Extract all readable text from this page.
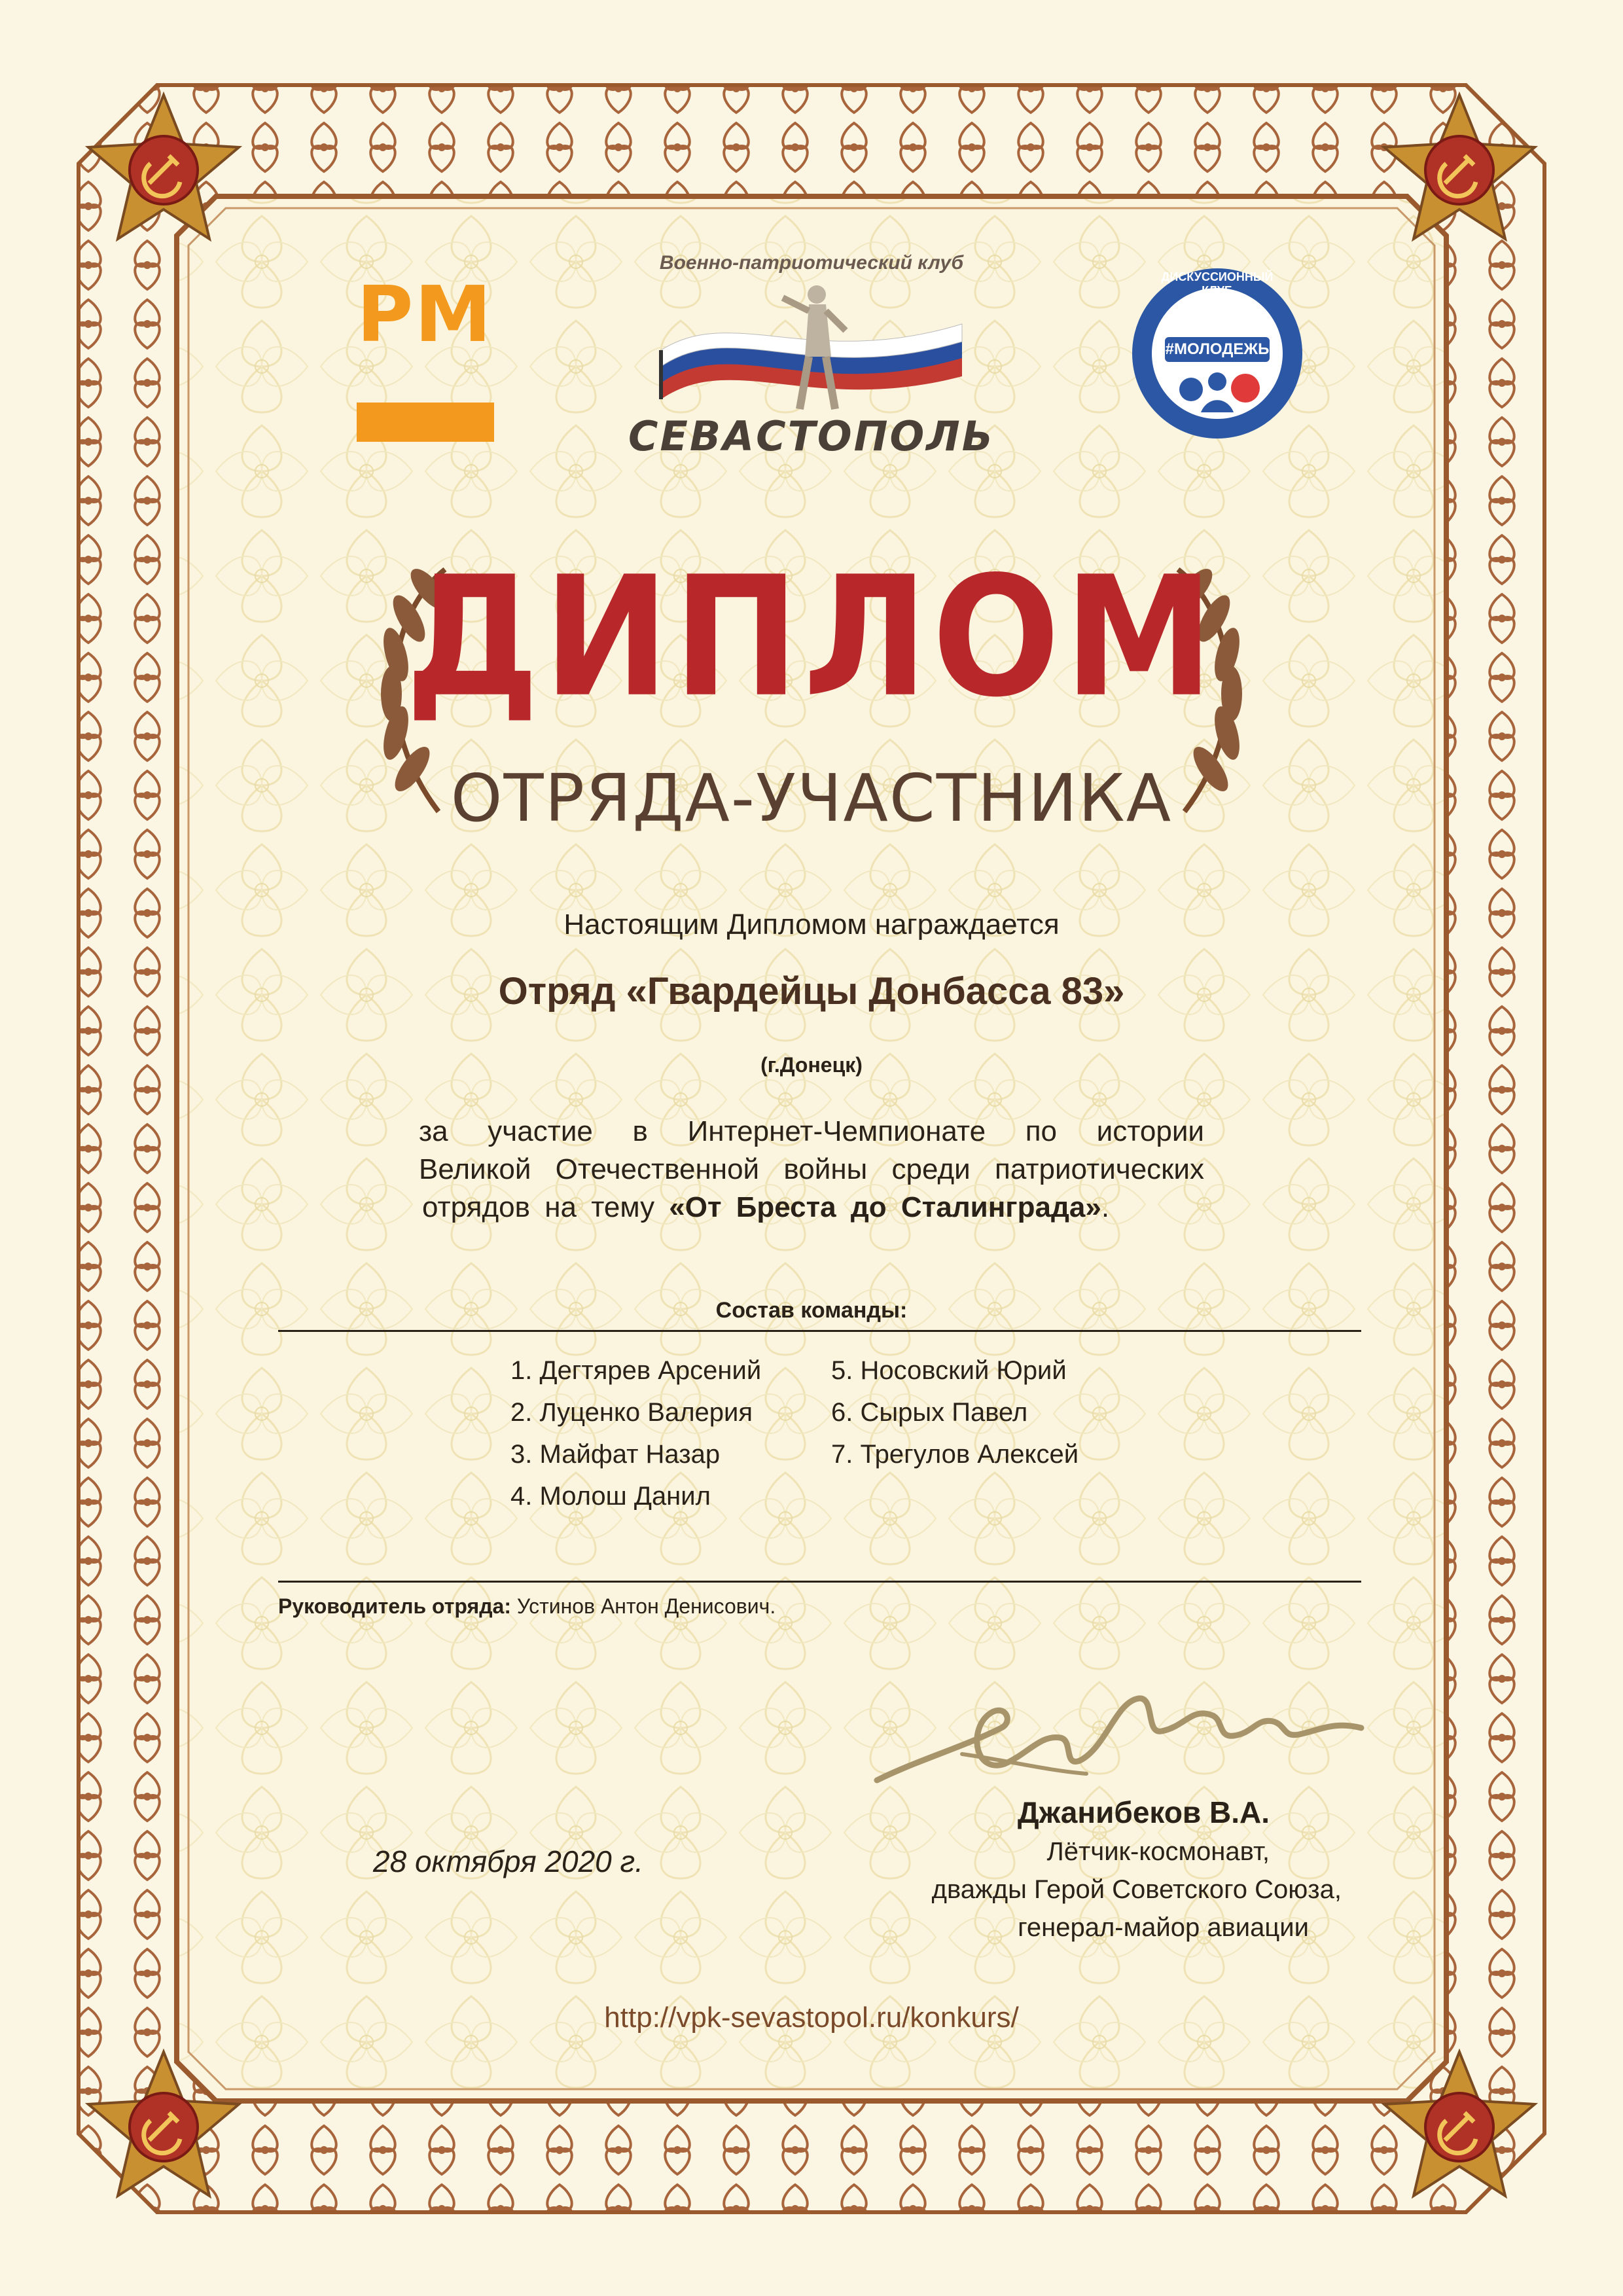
РМ
Военно-патриотический клуб
СЕВАСТОПОЛЬ
#МОЛОДЕЖЬ
ДИСКУССИОННЫЙ КЛУБ
ДИПЛОМ
ОТРЯДА-УЧАСТНИКА
Настоящим Дипломом награждается
Отряд «Гвардейцы Донбасса 83»
(г.Донецк)
за участие в Интернет-Чемпионате по истории
Великой Отечественной войны среди патриотических
отрядов на тему «От Бреста до Сталинграда».
Состав команды:
1. Дегтярев Арсений
2. Луценко Валерия
3. Майфат Назар
4. Молош Данил
5. Носовский Юрий
6. Сырых Павел
7. Трегулов Алексей
Руководитель отряда: Устинов Антон Денисович.
28 октября 2020 г.
Джанибеков В.А.
Лётчик-космонавт,
дважды Герой Советского Союза,
генерал-майор авиации
http://vpk-sevastopol.ru/konkurs/
